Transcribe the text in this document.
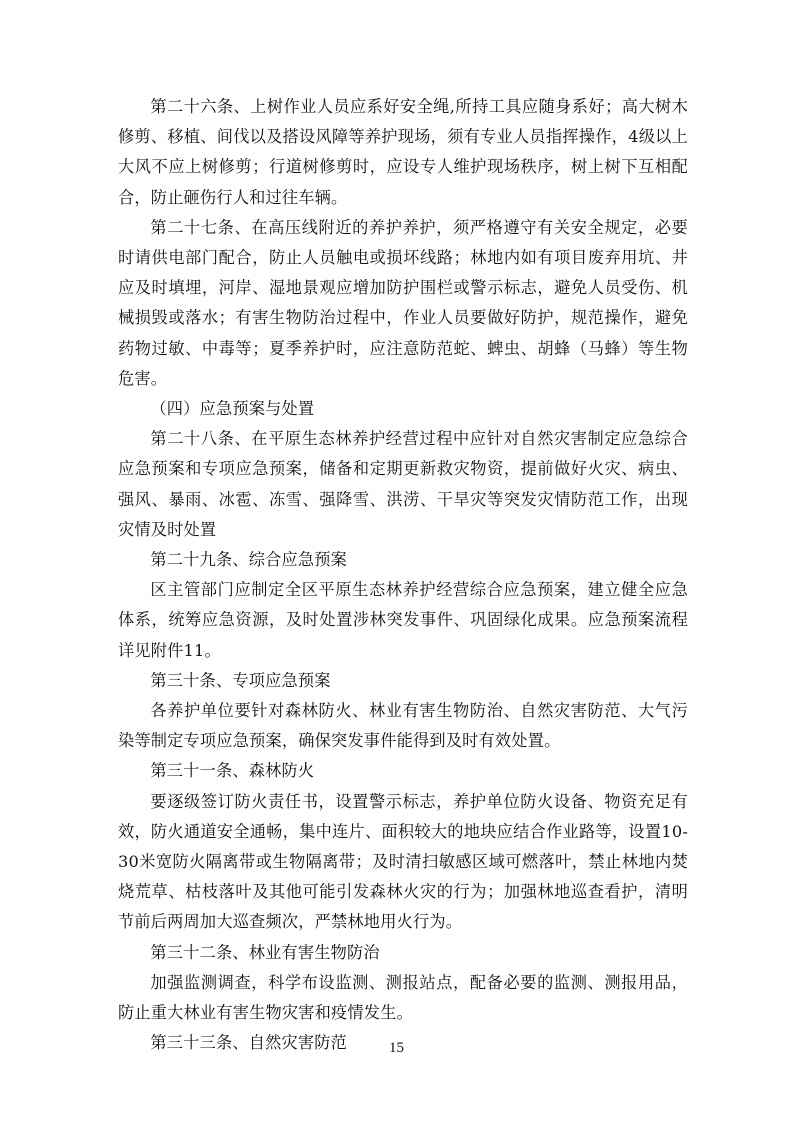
第二十六条、上树作业人员应系好安全绳,所持工具应随身系好；高大树木修剪、移植、间伐以及搭设风障等养护现场，须有专业人员指挥操作，4级以上大风不应上树修剪；行道树修剪时，应设专人维护现场秩序，树上树下互相配合，防止砸伤行人和过往车辆。

第二十七条、在高压线附近的养护养护，须严格遵守有关安全规定，必要时请供电部门配合，防止人员触电或损坏线路；林地内如有项目废弃用坑、井应及时填埋，河岸、湿地景观应增加防护围栏或警示标志，避免人员受伤、机械损毁或落水；有害生物防治过程中，作业人员要做好防护，规范操作，避免药物过敏、中毒等；夏季养护时，应注意防范蛇、蜱虫、胡蜂（马蜂）等生物危害。

（四）应急预案与处置

第二十八条、在平原生态林养护经营过程中应针对自然灾害制定应急综合应急预案和专项应急预案，储备和定期更新救灾物资，提前做好火灾、病虫、强风、暴雨、冰雹、冻雪、强降雪、洪涝、干旱灾等突发灾情防范工作，出现灾情及时处置

第二十九条、综合应急预案

区主管部门应制定全区平原生态林养护经营综合应急预案，建立健全应急体系，统筹应急资源，及时处置涉林突发事件、巩固绿化成果。应急预案流程详见附件11。

第三十条、专项应急预案

各养护单位要针对森林防火、林业有害生物防治、自然灾害防范、大气污染等制定专项应急预案，确保突发事件能得到及时有效处置。

第三十一条、森林防火

要逐级签订防火责任书，设置警示标志，养护单位防火设备、物资充足有效，防火通道安全通畅，集中连片、面积较大的地块应结合作业路等，设置10-30米宽防火隔离带或生物隔离带；及时清扫敏感区域可燃落叶，禁止林地内焚烧荒草、枯枝落叶及其他可能引发森林火灾的行为；加强林地巡查看护，清明节前后两周加大巡查频次，严禁林地用火行为。

第三十二条、林业有害生物防治

加强监测调查，科学布设监测、测报站点，配备必要的监测、测报用品，防止重大林业有害生物灾害和疫情发生。

第三十三条、自然灾害防范	15
